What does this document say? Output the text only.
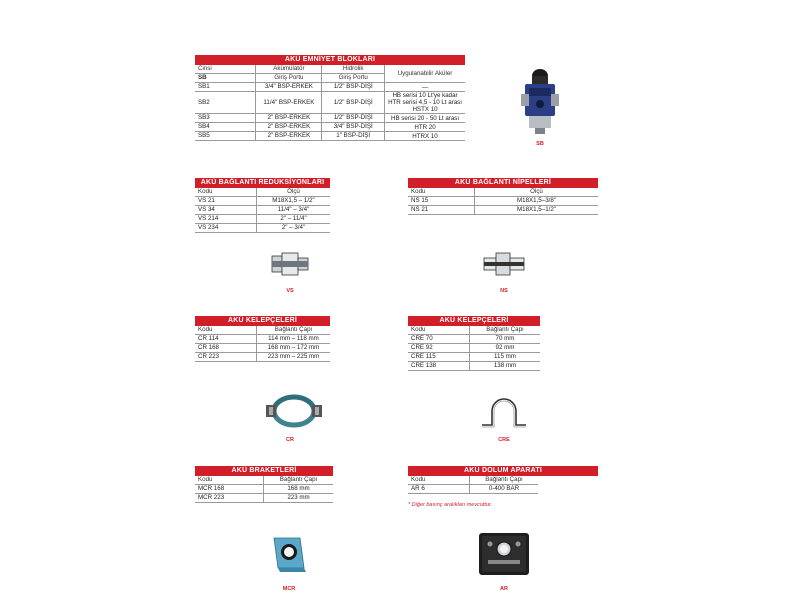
AKÜ EMNİYET BLOKLARI
Cinsi	Akümülatör	Hidrolik	Uygulanabilir Aküler
SB	Giriş Portu	Giriş Portu	
SB1	3/4" BSP-ERKEK	1/2" BSP-DİŞİ	—

SB2	11/4" BSP-ERKEK	1/2" BSP-DİŞİ	HB serisi 10 Lt'ye kadar
HTR serisi 4,5 - 10 Lt arası
HSTX 10

SB3	2" BSP-ERKEK	1/2" BSP-DİŞİ	HB serisi 20 - 50 Lt arası

SB4	2" BSP-ERKEK	3/4" BSP-DİŞİ	HTR 20

SB5	2" BSP-ERKEK	1" BSP-DİŞİ	HTRX 10
SB
AKÜ BAĞLANTI REDÜKSİYONLARI
Kodu	Ölçü
VS 21	M18X1,5 – 1/2"
VS 34	11/4" – 3/4"
VS 214	2" – 11/4"
VS 234	2" – 3/4"
VS
AKÜ BAĞLANTI NİPELLERİ
Kodu	Ölçü
NS 15	M18X1,5–3/8"
NS 21	M18X1,5–1/2"
NS
AKÜ KELEPÇELERİ
Kodu	Bağlantı Çapı
CR 114	114 mm – 118 mm
CR 168	168 mm – 172 mm
CR 223	223 mm – 225 mm
CR
AKÜ KELEPÇELERİ
Kodu	Bağlantı Çapı
CRE 70	70 mm
CRE 92	92 mm
CRE 115	115 mm
CRE 138	138 mm
CRE
AKÜ BRAKETLERİ
Kodu	Bağlantı Çapı
MCR 168	168 mm
MCR 223	223 mm
MCR
AKÜ DOLUM APARATI
Kodu	Bağlantı Çapı
AR 6	0-400 BAR
* Diğer basınç aralıkları mevcuttur.
AR
